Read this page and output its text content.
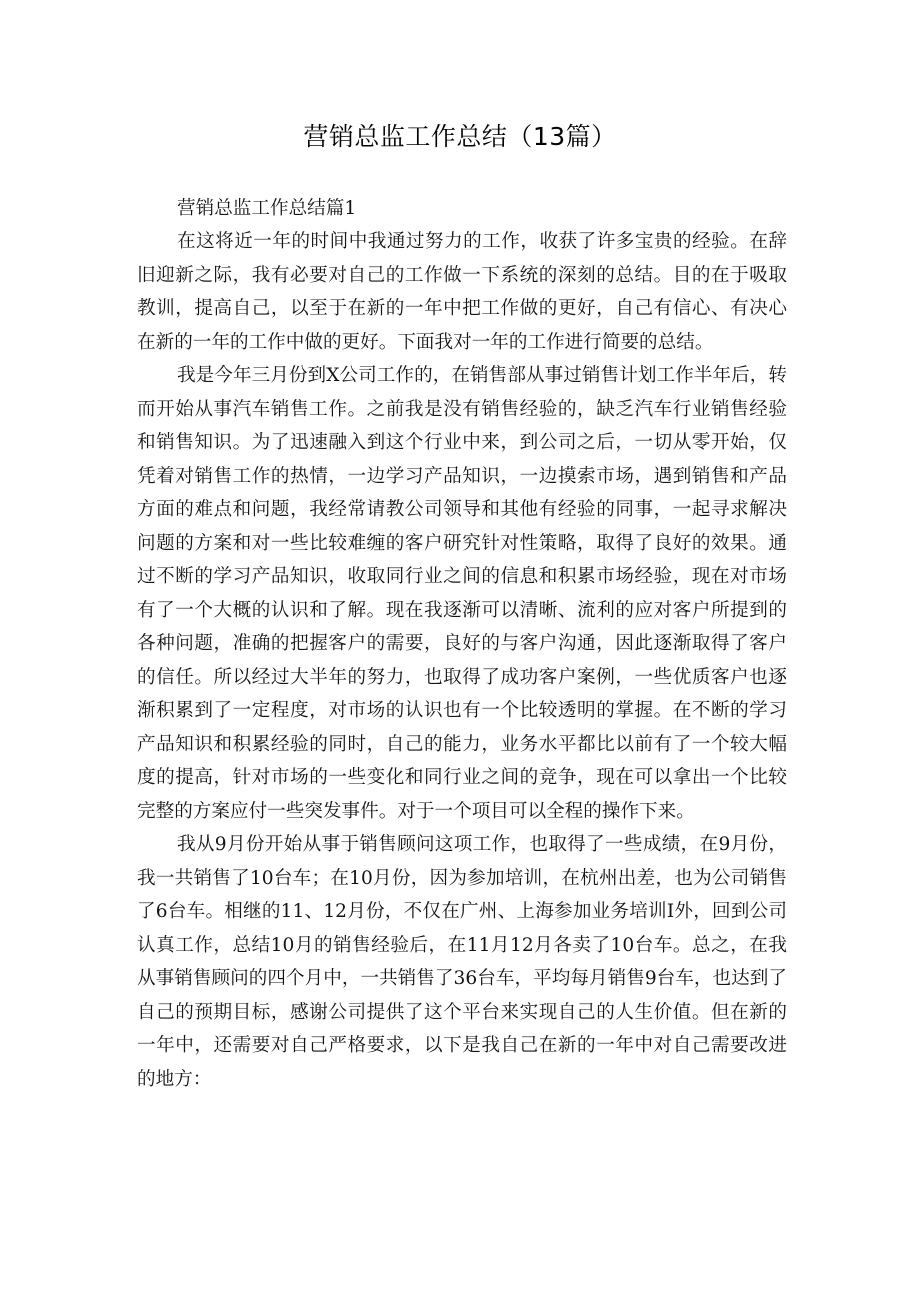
营销总监工作总结（13篇）
营销总监工作总结篇1

在这将近一年的时间中我通过努力的工作，收获了许多宝贵的经验。在辞旧迎新之际，我有必要对自己的工作做一下系统的深刻的总结。目的在于吸取教训，提高自己，以至于在新的一年中把工作做的更好，自己有信心、有决心在新的一年的工作中做的更好。下面我对一年的工作进行简要的总结。

我是今年三月份到X公司工作的，在销售部从事过销售计划工作半年后，转而开始从事汽车销售工作。之前我是没有销售经验的，缺乏汽车行业销售经验和销售知识。为了迅速融入到这个行业中来，到公司之后，一切从零开始，仅凭着对销售工作的热情，一边学习产品知识，一边摸索市场，遇到销售和产品方面的难点和问题，我经常请教公司领导和其他有经验的同事，一起寻求解决问题的方案和对一些比较难缠的客户研究针对性策略，取得了良好的效果。通过不断的学习产品知识，收取同行业之间的信息和积累市场经验，现在对市场有了一个大概的认识和了解。现在我逐渐可以清晰、流利的应对客户所提到的各种问题，准确的把握客户的需要，良好的与客户沟通，因此逐渐取得了客户的信任。所以经过大半年的努力，也取得了成功客户案例，一些优质客户也逐渐积累到了一定程度，对市场的认识也有一个比较透明的掌握。在不断的学习产品知识和积累经验的同时，自己的能力，业务水平都比以前有了一个较大幅度的提高，针对市场的一些变化和同行业之间的竞争，现在可以拿出一个比较完整的方案应付一些突发事件。对于一个项目可以全程的操作下来。

我从9月份开始从事于销售顾问这项工作，也取得了一些成绩，在9月份，我一共销售了10台车；在10月份，因为参加培训，在杭州出差，也为公司销售了6台车。相继的11、12月份，不仅在广州、上海参加业务培训I外，回到公司认真工作，总结10月的销售经验后，在11月12月各卖了10台车。总之，在我从事销售顾问的四个月中，一共销售了36台车，平均每月销售9台车，也达到了自己的预期目标，感谢公司提供了这个平台来实现自己的人生价值。但在新的一年中，还需要对自己严格要求，以下是我自己在新的一年中对自己需要改进的地方：
